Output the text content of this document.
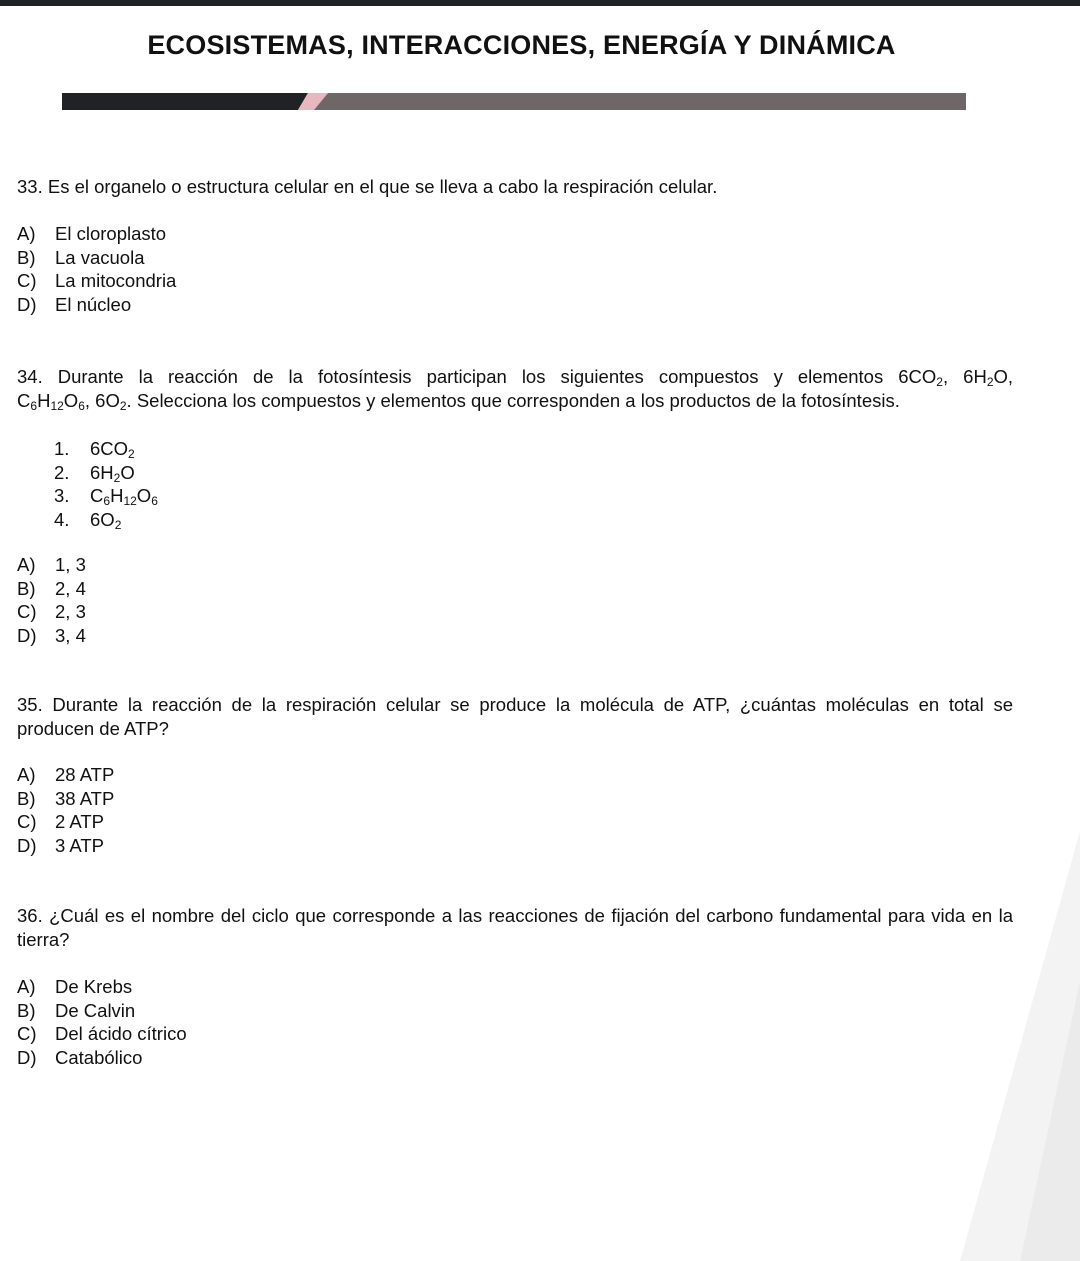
ECOSISTEMAS, INTERACCIONES, ENERGÍA Y DINÁMICA
33. Es el organelo o estructura celular en el que se lleva a cabo la respiración celular.
A) El cloroplasto
B) La vacuola
C) La mitocondria
D) El núcleo
34. Durante la reacción de la fotosíntesis participan los siguientes compuestos y elementos $6CO_2$, $6H_2O$,
$C_6H_{12}O_6$, $6O_2$. Selecciona los compuestos y elementos que corresponden a los productos de la fotosíntesis.
1. $6CO_2$
2. $6H_2O$
3. $C_6H_{12}O_6$
4. $6O_2$
A) 1, 3
B) 2, 4
C) 2, 3
D) 3, 4
35. Durante la reacción de la respiración celular se produce la molécula de ATP, ¿cuántas moléculas en total se producen de ATP?
A) 28 ATP
B) 38 ATP
C) 2 ATP
D) 3 ATP
36. ¿Cuál es el nombre del ciclo que corresponde a las reacciones de fijación del carbono fundamental para vida en la tierra?
A) De Krebs
B) De Calvin
C) Del ácido cítrico
D) Catabólico
